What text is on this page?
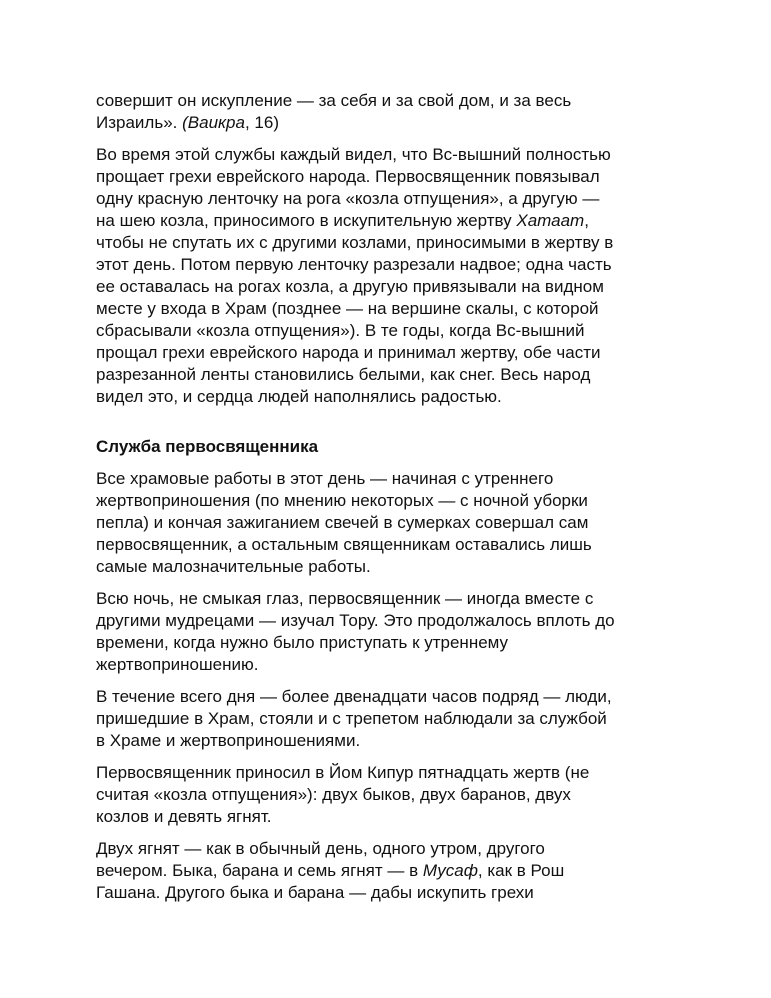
совершит он искупление — за себя и за свой дом, и за весь
Израиль». (Ваикра, 16)

Во время этой службы каждый видел, что Вс-вышний полностью
прощает грехи еврейского народа. Первосвященник повязывал
одну красную ленточку на рога «козла отпущения», а другую —
на шею козла, приносимого в искупительную жертву Хатаат,
чтобы не спутать их с другими козлами, приносимыми в жертву в
этот день. Потом первую ленточку разрезали надвое; одна часть
ее оставалась на рогах козла, а другую привязывали на видном
месте у входа в Храм (позднее — на вершине скалы, с которой
сбрасывали «козла отпущения»). В те годы, когда Вс-вышний
прощал грехи еврейского народа и принимал жертву, обе части
разрезанной ленты становились белыми, как снег. Весь народ
видел это, и сердца людей наполнялись радостью.

Служба первосвященника

Все храмовые работы в этот день — начиная с утреннего
жертвоприношения (по мнению некоторых — с ночной уборки
пепла) и кончая зажиганием свечей в сумерках совершал сам
первосвященник, а остальным священникам оставались лишь
самые малозначительные работы.

Всю ночь, не смыкая глаз, первосвященник — иногда вместе с
другими мудрецами — изучал Тору. Это продолжалось вплоть до
времени, когда нужно было приступать к утреннему
жертвоприношению.

В течение всего дня — более двенадцати часов подряд — люди,
пришедшие в Храм, стояли и с трепетом наблюдали за службой
в Храме и жертвоприношениями.

Первосвященник приносил в Йом Кипур пятнадцать жертв (не
считая «козла отпущения»): двух быков, двух баранов, двух
козлов и девять ягнят.

Двух ягнят — как в обычный день, одного утром, другого
вечером. Быка, барана и семь ягнят — в Мусаф, как в Рош
Гашана. Другого быка и барана — дабы искупить грехи
